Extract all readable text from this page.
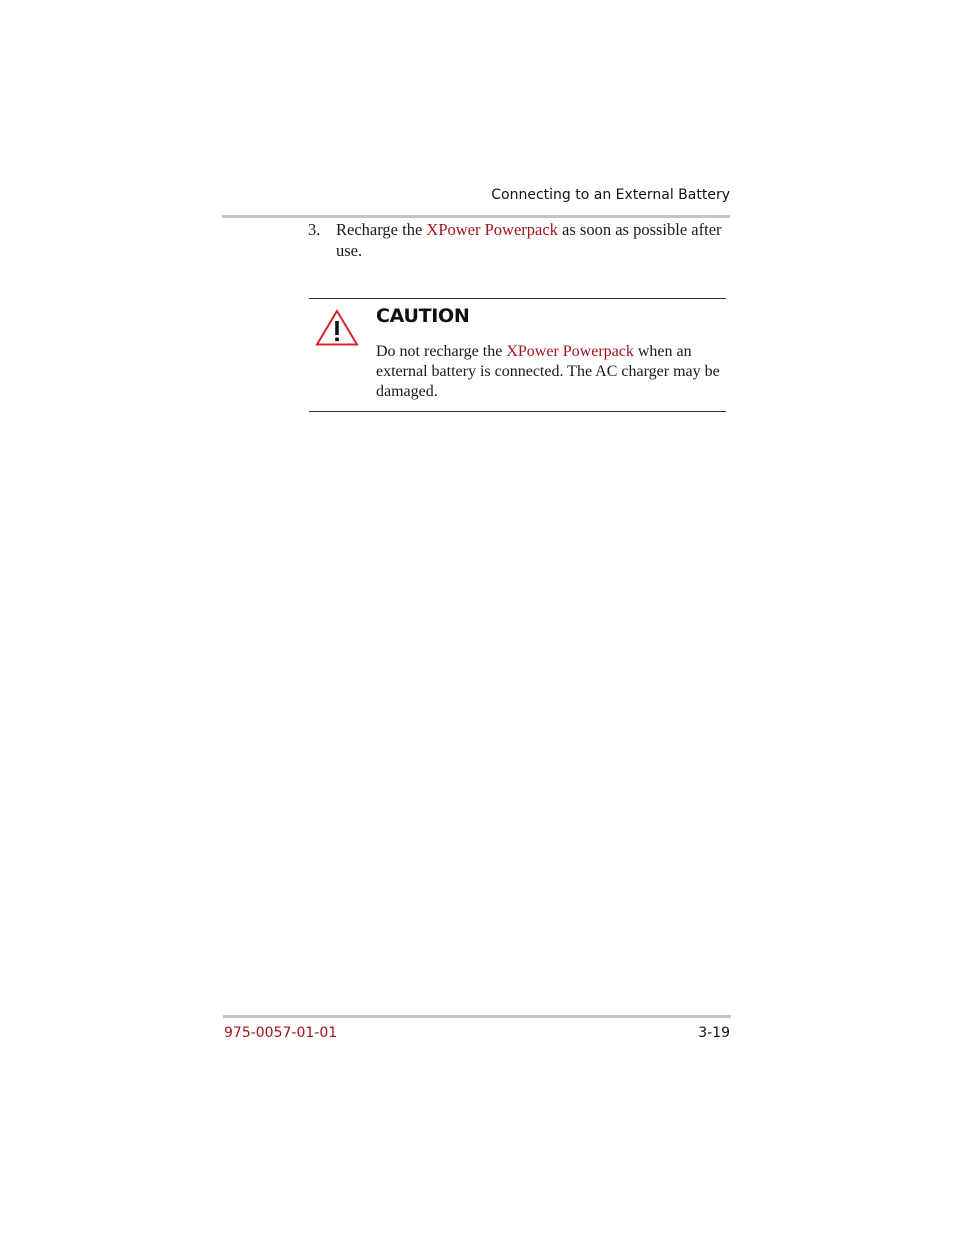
Connecting to an External Battery
3. Recharge the XPower Powerpack as soon as possible after use.
CAUTION
Do not recharge the XPower Powerpack when an external battery is connected. The AC charger may be damaged.
975-0057-01-01	3-19
